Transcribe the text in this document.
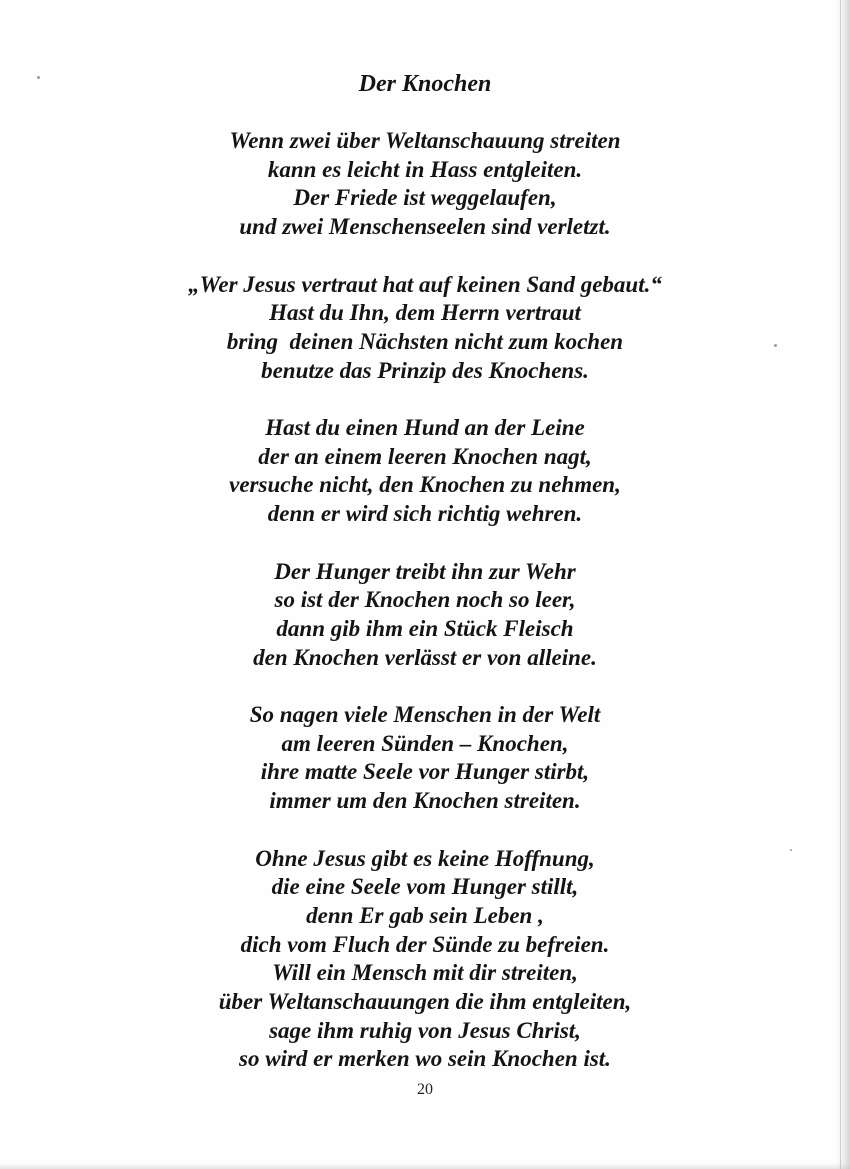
Der Knochen

Wenn zwei über Weltanschauung streiten
kann es leicht in Hass entgleiten.
Der Friede ist weggelaufen,
und zwei Menschenseelen sind verletzt.

„Wer Jesus vertraut hat auf keinen Sand gebaut.“
Hast du Ihn, dem Herrn vertraut
bring  deinen Nächsten nicht zum kochen
benutze das Prinzip des Knochens.

Hast du einen Hund an der Leine
der an einem leeren Knochen nagt,
versuche nicht, den Knochen zu nehmen,
denn er wird sich richtig wehren.

Der Hunger treibt ihn zur Wehr
so ist der Knochen noch so leer,
dann gib ihm ein Stück Fleisch
den Knochen verlässt er von alleine.

So nagen viele Menschen in der Welt
am leeren Sünden – Knochen,
ihre matte Seele vor Hunger stirbt,
immer um den Knochen streiten.

Ohne Jesus gibt es keine Hoffnung,
die eine Seele vom Hunger stillt,
denn Er gab sein Leben ,
dich vom Fluch der Sünde zu befreien.
Will ein Mensch mit dir streiten,
über Weltanschauungen die ihm entgleiten,
sage ihm ruhig von Jesus Christ,
so wird er merken wo sein Knochen ist.

20
